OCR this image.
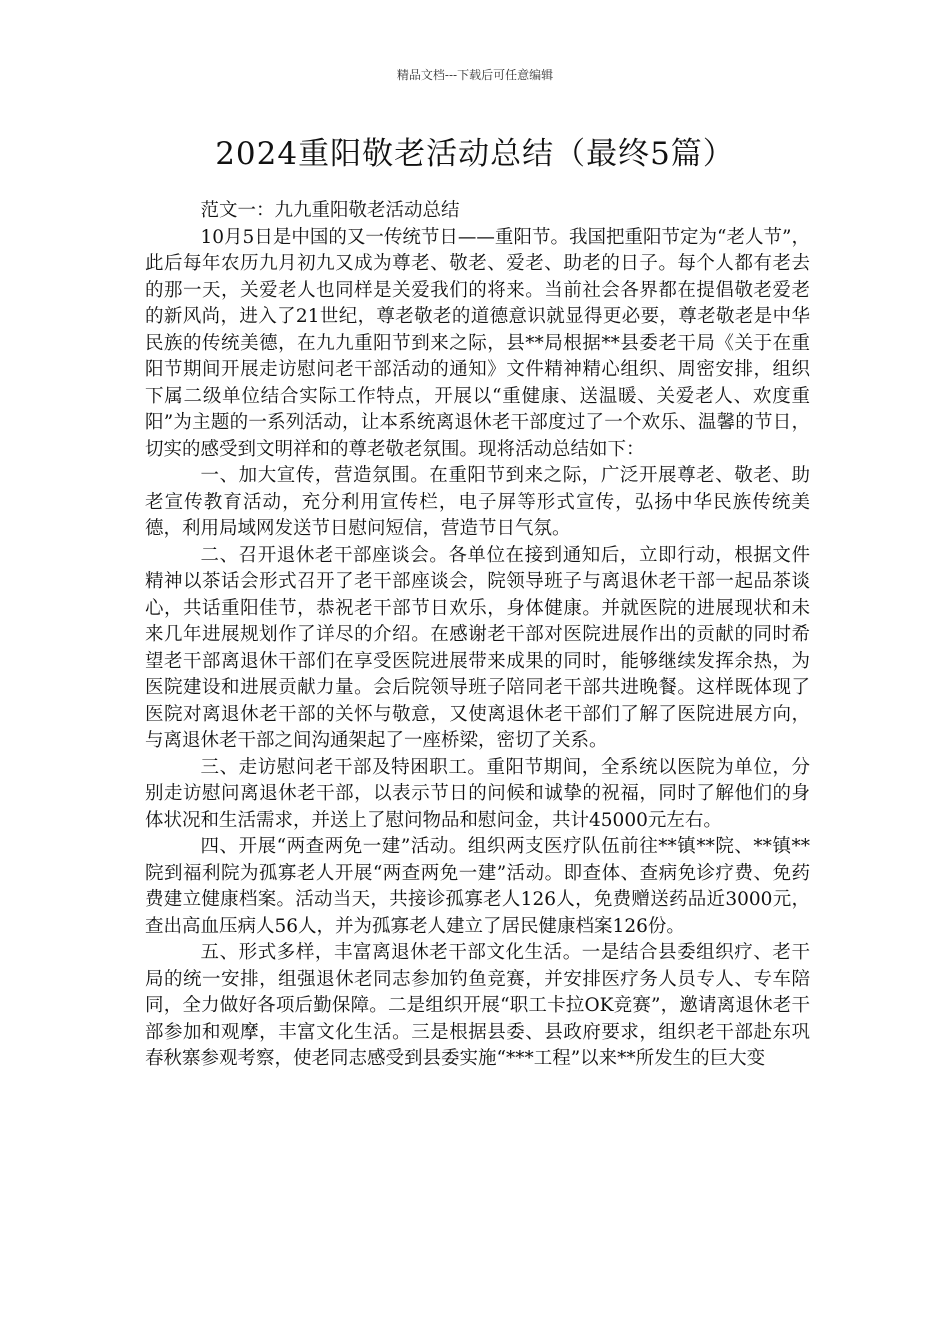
精品文档---下载后可任意编辑
2024重阳敬老活动总结（最终5篇）

范文一：九九重阳敬老活动总结

10月5日是中国的又一传统节日——重阳节。我国把重阳节定为“老人节”，此后每年农历九月初九又成为尊老、敬老、爱老、助老的日子。每个人都有老去的那一天，关爱老人也同样是关爱我们的将来。当前社会各界都在提倡敬老爱老的新风尚，进入了21世纪，尊老敬老的道德意识就显得更必要，尊老敬老是中华民族的传统美德，在九九重阳节到来之际，县**局根据**县委老干局《关于在重阳节期间开展走访慰问老干部活动的通知》文件精神精心组织、周密安排，组织下属二级单位结合实际工作特点，开展以“重健康、送温暖、关爱老人、欢度重阳”为主题的一系列活动，让本系统离退休老干部度过了一个欢乐、温馨的节日，切实的感受到文明祥和的尊老敬老氛围。现将活动总结如下：

一、加大宣传，营造氛围。在重阳节到来之际，广泛开展尊老、敬老、助老宣传教育活动，充分利用宣传栏，电子屏等形式宣传，弘扬中华民族传统美德，利用局域网发送节日慰问短信，营造节日气氛。

二、召开退休老干部座谈会。各单位在接到通知后，立即行动，根据文件精神以茶话会形式召开了老干部座谈会，院领导班子与离退休老干部一起品茶谈心，共话重阳佳节，恭祝老干部节日欢乐，身体健康。并就医院的进展现状和未来几年进展规划作了详尽的介绍。在感谢老干部对医院进展作出的贡献的同时希望老干部离退休干部们在享受医院进展带来成果的同时，能够继续发挥余热，为医院建设和进展贡献力量。会后院领导班子陪同老干部共进晚餐。这样既体现了医院对离退休老干部的关怀与敬意，又使离退休老干部们了解了医院进展方向，与离退休老干部之间沟通架起了一座桥梁，密切了关系。

三、走访慰问老干部及特困职工。重阳节期间，全系统以医院为单位，分别走访慰问离退休老干部，以表示节日的问候和诚挚的祝福，同时了解他们的身体状况和生活需求，并送上了慰问物品和慰问金，共计45000元左右。

四、开展“两查两免一建”活动。组织两支医疗队伍前往**镇**院、**镇**院到福利院为孤寡老人开展“两查两免一建”活动。即查体、查病免诊疗费、免药费建立健康档案。活动当天，共接诊孤寡老人126人，免费赠送药品近3000元，查出高血压病人56人，并为孤寡老人建立了居民健康档案126份。

五、形式多样，丰富离退休老干部文化生活。一是结合县委组织疗、老干局的统一安排，组强退休老同志参加钓鱼竞赛，并安排医疗务人员专人、专车陪同，全力做好各项后勤保障。二是组织开展“职工卡拉OK竞赛”，邀请离退休老干部参加和观摩，丰富文化生活。三是根据县委、县政府要求，组织老干部赴东巩春秋寨参观考察，使老同志感受到县委实施“***工程”以来**所发生的巨大变
